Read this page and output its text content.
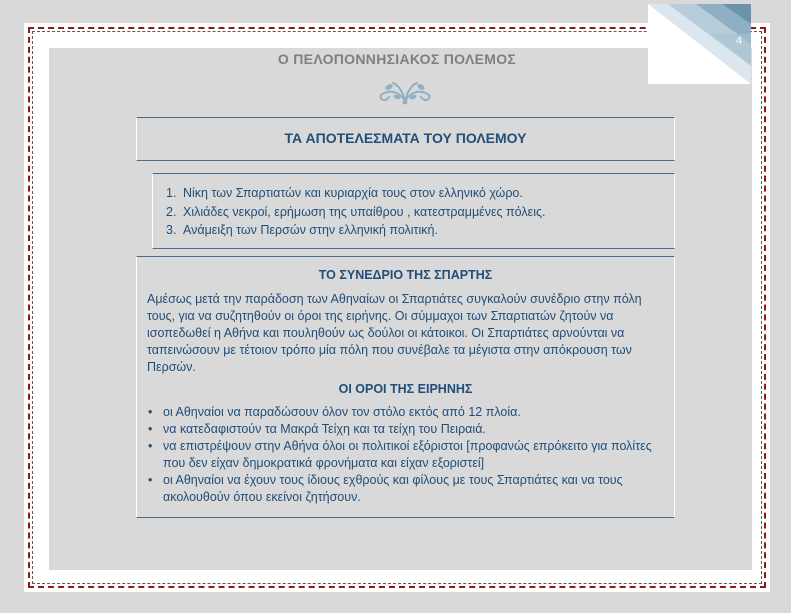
4
Ο ΠΕΛΟΠΟΝΝΗΣΙΑΚΟΣ ΠΟΛΕΜΟΣ
ΤΑ ΑΠΟΤΕΛΕΣΜΑΤΑ ΤΟΥ ΠΟΛΕΜΟΥ
1. Νίκη των Σπαρτιατών και κυριαρχία τους στον ελληνικό χώρο.
2. Χιλιάδες νεκροί, ερήμωση της υπαίθρου , κατεστραμμένες πόλεις.
3. Ανάμειξη των Περσών στην ελληνική πολιτική.
ΤΟ ΣΥΝΕΔΡΙΟ ΤΗΣ ΣΠΑΡΤΗΣ
Αμέσως μετά την παράδοση των Αθηναίων οι Σπαρτιάτες συγκαλούν συνέδριο στην πόλη τους, για να συζητηθούν οι όροι της ειρήνης. Οι σύμμαχοι των Σπαρτιατών ζητούν να ισοπεδωθεί η Αθήνα και πουληθούν ως δούλοι οι κάτοικοι. Οι Σπαρτιάτες αρνούνται να ταπεινώσουν με τέτοιον τρόπο μία πόλη που συνέβαλε τα μέγιστα στην απόκρουση των Περσών.
ΟΙ ΟΡΟΙ ΤΗΣ ΕΙΡΗΝΗΣ
• οι Αθηναίοι να παραδώσουν όλον τον στόλο εκτός από 12 πλοία.
• να κατεδαφιστούν τα Μακρά Τείχη και τα τείχη του Πειραιά.
• να επιστρέψουν στην Αθήνα όλοι οι πολιτικοί εξόριστοι [προφανώς επρόκειτο για πολίτες που δεν είχαν δημοκρατικά φρονήματα και είχαν εξοριστεί]
• οι Αθηναίοι να έχουν τους ίδιους εχθρούς και φίλους με τους Σπαρτιάτες και να τους ακολουθούν όπου εκείνοι ζητήσουν.
